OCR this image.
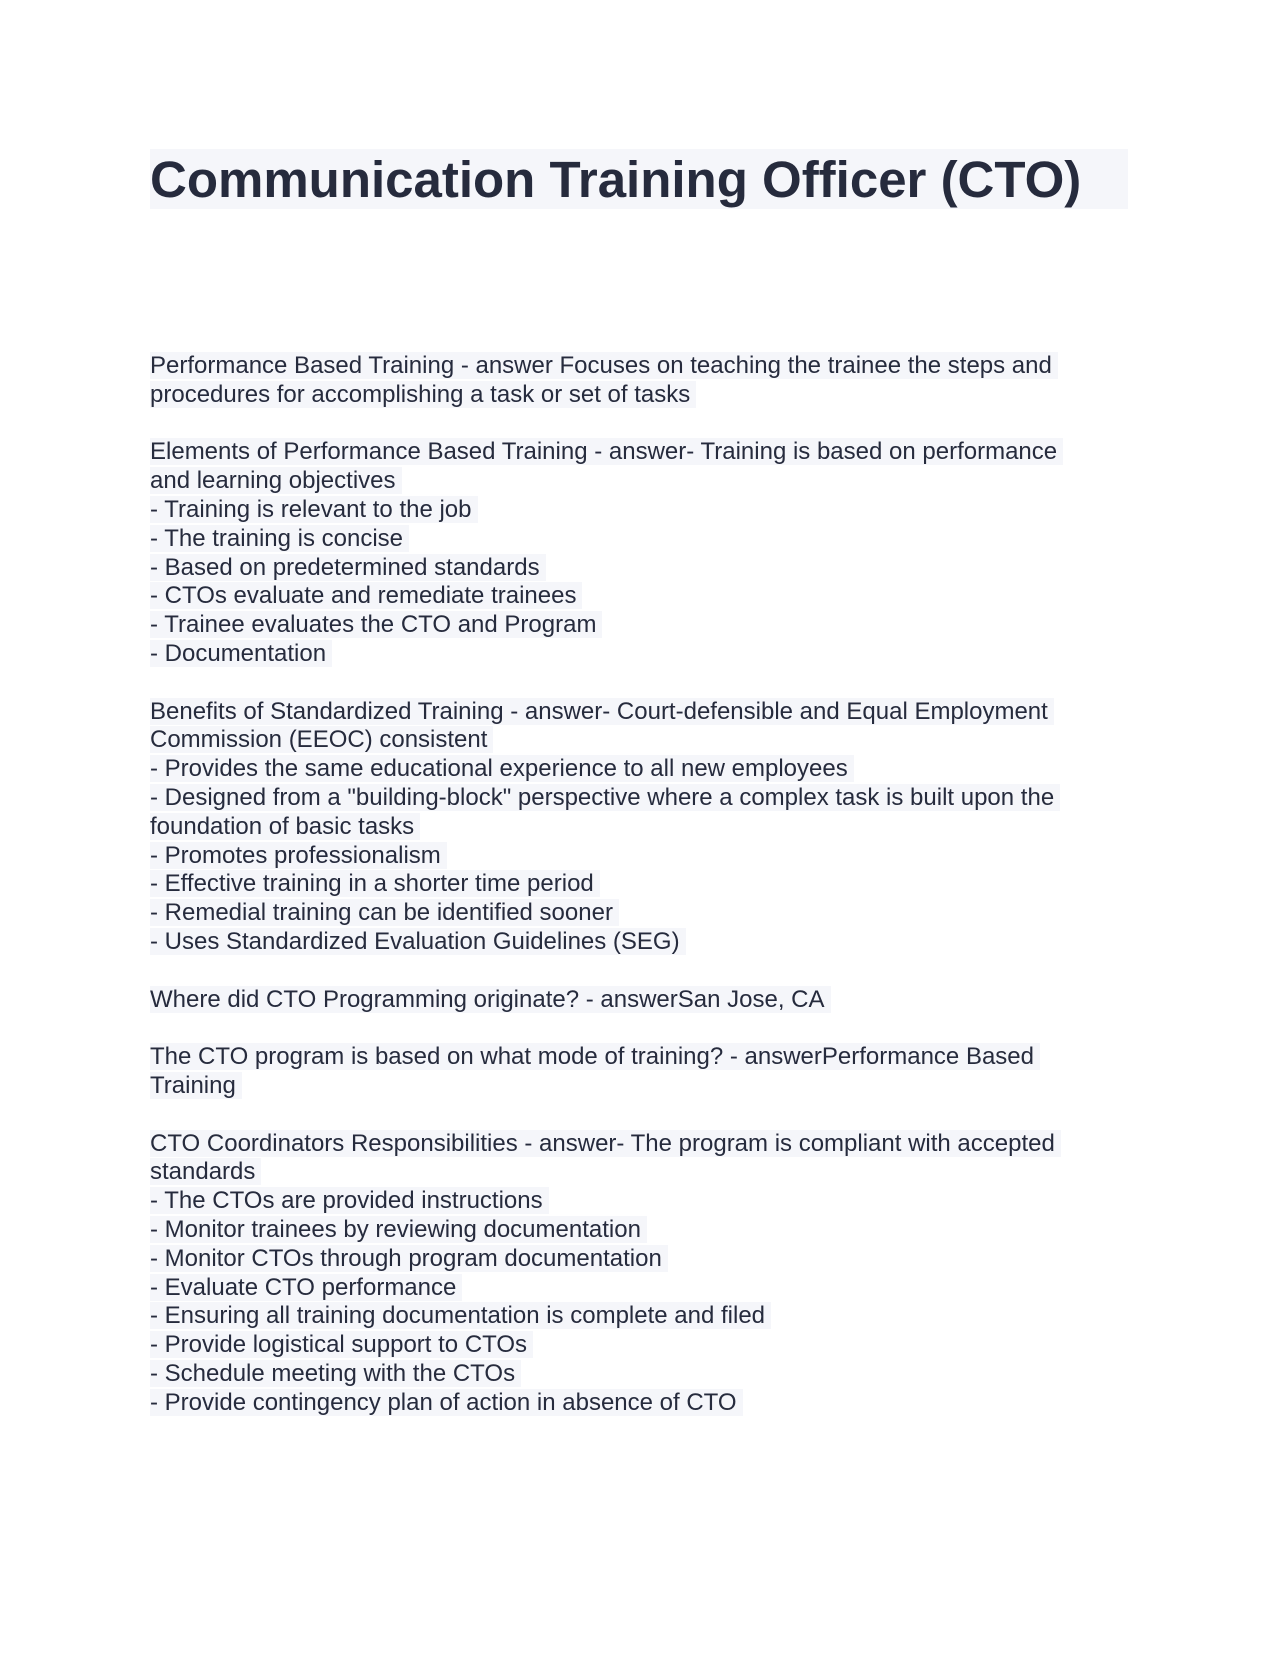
Communication Training Officer (CTO)
Performance Based Training - answer Focuses on teaching the trainee the steps and
procedures for accomplishing a task or set of tasks
Elements of Performance Based Training - answer- Training is based on performance
and learning objectives
- Training is relevant to the job
- The training is concise
- Based on predetermined standards
- CTOs evaluate and remediate trainees
- Trainee evaluates the CTO and Program
- Documentation
Benefits of Standardized Training - answer- Court-defensible and Equal Employment
Commission (EEOC) consistent
- Provides the same educational experience to all new employees
- Designed from a "building-block" perspective where a complex task is built upon the
foundation of basic tasks
- Promotes professionalism
- Effective training in a shorter time period
- Remedial training can be identified sooner
- Uses Standardized Evaluation Guidelines (SEG)
Where did CTO Programming originate? - answerSan Jose, CA
The CTO program is based on what mode of training? - answerPerformance Based
Training
CTO Coordinators Responsibilities - answer- The program is compliant with accepted
standards
- The CTOs are provided instructions
- Monitor trainees by reviewing documentation
- Monitor CTOs through program documentation
- Evaluate CTO performance
- Ensuring all training documentation is complete and filed
- Provide logistical support to CTOs
- Schedule meeting with the CTOs
- Provide contingency plan of action in absence of CTO
